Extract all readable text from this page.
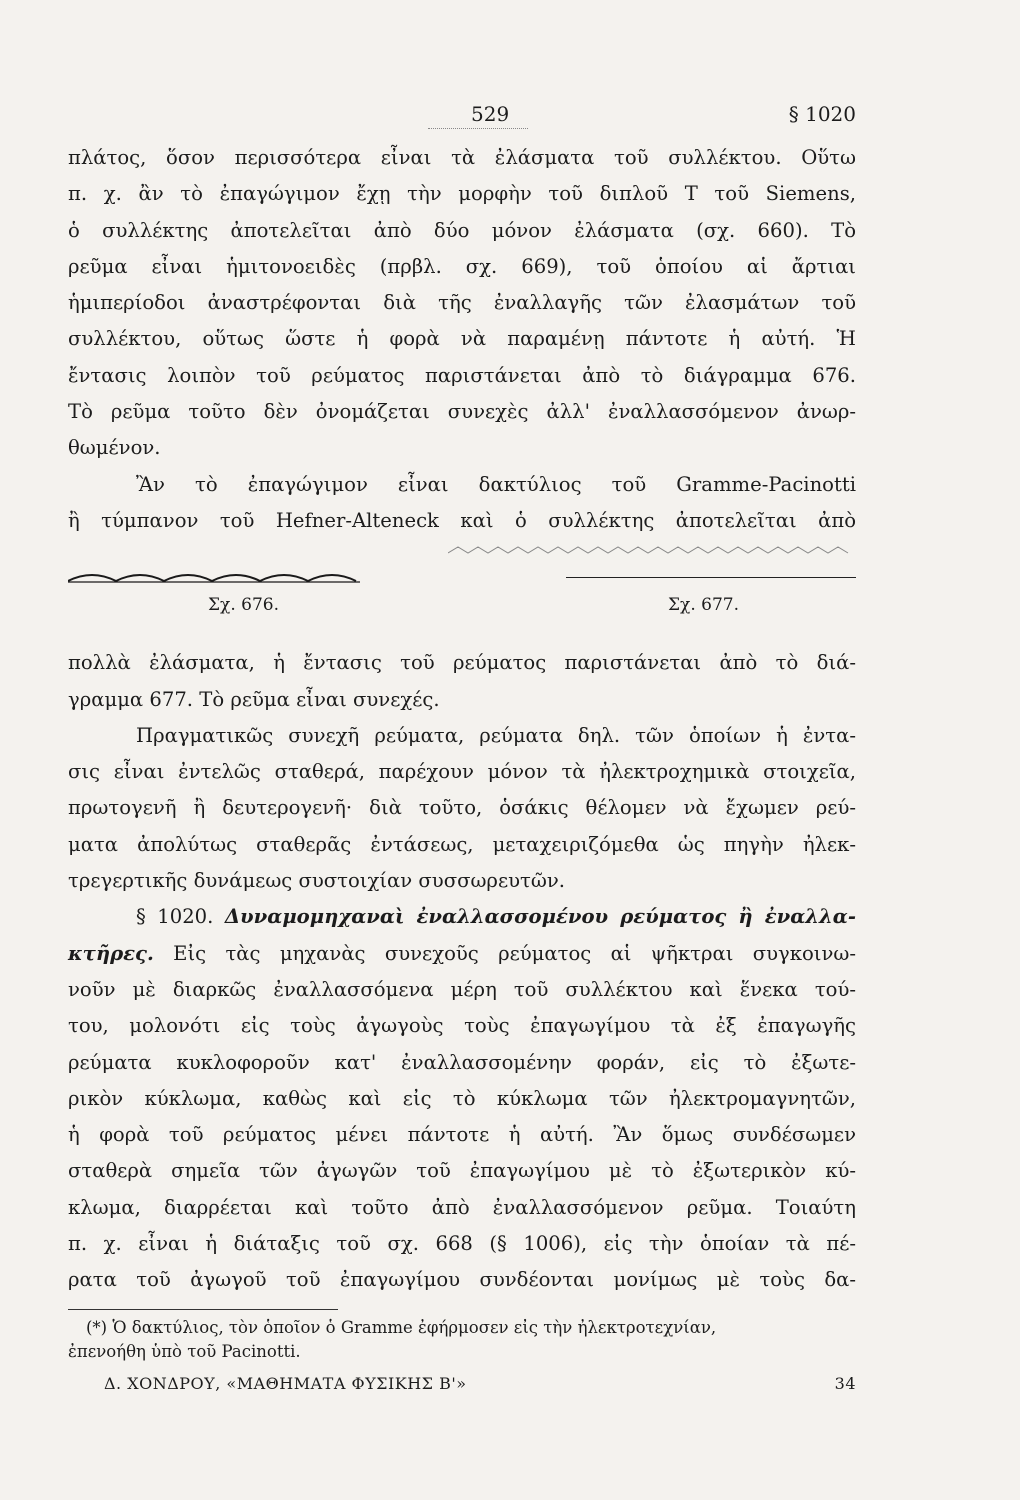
529	§ 1020

πλάτος, ὅσον περισσότερα εἶναι τὰ ἐλάσματα τοῦ συλλέκτου. Οὕτω
π. χ. ἂν τὸ ἐπαγώγιμον ἔχῃ τὴν μορφὴν τοῦ διπλοῦ T τοῦ Siemens,
ὁ συλλέκτης ἀποτελεῖται ἀπὸ δύο μόνον ἐλάσματα (σχ. 660). Τὸ
ρεῦμα εἶναι ἡμιτονοειδὲς (πρβλ. σχ. 669), τοῦ ὁποίου αἱ ἄρτιαι
ἡμιπερίοδοι ἀναστρέφονται διὰ τῆς ἐναλλαγῆς τῶν ἐλασμάτων τοῦ
συλλέκτου, οὕτως ὥστε ἡ φορὰ νὰ παραμένῃ πάντοτε ἡ αὐτή. Ἡ
ἔντασις λοιπὸν τοῦ ρεύματος παριστάνεται ἀπὸ τὸ διάγραμμα 676.
Τὸ ρεῦμα τοῦτο δὲν ὀνομάζεται συνεχὲς ἀλλ' ἐναλλασσόμενον ἀνωρ-
θωμένον.

Ἂν τὸ ἐπαγώγιμον εἶναι δακτύλιος τοῦ Gramme-Pacinotti
ἢ τύμπανον τοῦ Hefner-Alteneck καὶ ὁ συλλέκτης ἀποτελεῖται ἀπὸ

Σχ. 676.	Σχ. 677.

πολλὰ ἐλάσματα, ἡ ἔντασις τοῦ ρεύματος παριστάνεται ἀπὸ τὸ διά-
γραμμα 677. Τὸ ρεῦμα εἶναι συνεχές.

Πραγματικῶς συνεχῆ ρεύματα, ρεύματα δηλ. τῶν ὁποίων ἡ ἐντα-
σις εἶναι ἐντελῶς σταθερά, παρέχουν μόνον τὰ ἠλεκτροχημικὰ στοιχεῖα,
πρωτογενῆ ἢ δευτερογενῆ· διὰ τοῦτο, ὁσάκις θέλομεν νὰ ἔχωμεν ρεύ-
ματα ἀπολύτως σταθερᾶς ἐντάσεως, μεταχειριζόμεθα ὡς πηγὴν ἠλεκ-
τρεγερτικῆς δυνάμεως συστοιχίαν συσσωρευτῶν.

§ 1020. Δυναμομηχαναὶ ἐναλλασσομένου ρεύματος ἢ ἐναλλα-
κτῆρες. Εἰς τὰς μηχανὰς συνεχοῦς ρεύματος αἱ ψῆκτραι συγκοινω-
νοῦν μὲ διαρκῶς ἐναλλασσόμενα μέρη τοῦ συλλέκτου καὶ ἕνεκα τού-
του, μολονότι εἰς τοὺς ἀγωγοὺς τοὺς ἐπαγωγίμου τὰ ἐξ ἐπαγωγῆς
ρεύματα κυκλοφοροῦν κατ' ἐναλλασσομένην φοράν, εἰς τὸ ἐξωτε-
ρικὸν κύκλωμα, καθὼς καὶ εἰς τὸ κύκλωμα τῶν ἠλεκτρομαγνητῶν,
ἡ φορὰ τοῦ ρεύματος μένει πάντοτε ἡ αὐτή. Ἂν ὅμως συνδέσωμεν
σταθερὰ σημεῖα τῶν ἀγωγῶν τοῦ ἐπαγωγίμου μὲ τὸ ἐξωτερικὸν κύ-
κλωμα, διαρρέεται καὶ τοῦτο ἀπὸ ἐναλλασσόμενον ρεῦμα. Τοιαύτη
π. χ. εἶναι ἡ διάταξις τοῦ σχ. 668 (§ 1006), εἰς τὴν ὁποίαν τὰ πέ-
ρατα τοῦ ἀγωγοῦ τοῦ ἐπαγωγίμου συνδέονται μονίμως μὲ τοὺς δα-

(*) Ὁ δακτύλιος, τὸν ὁποῖον ὁ Gramme ἐφήρμοσεν εἰς τὴν ἠλεκτροτεχνίαν,
ἐπενοήθη ὑπὸ τοῦ Pacinotti.

Δ. ΧΟΝΔΡΟΥ, «ΜΑΘΗΜΑΤΑ ΦΥΣΙΚΗΣ Β'»	34
